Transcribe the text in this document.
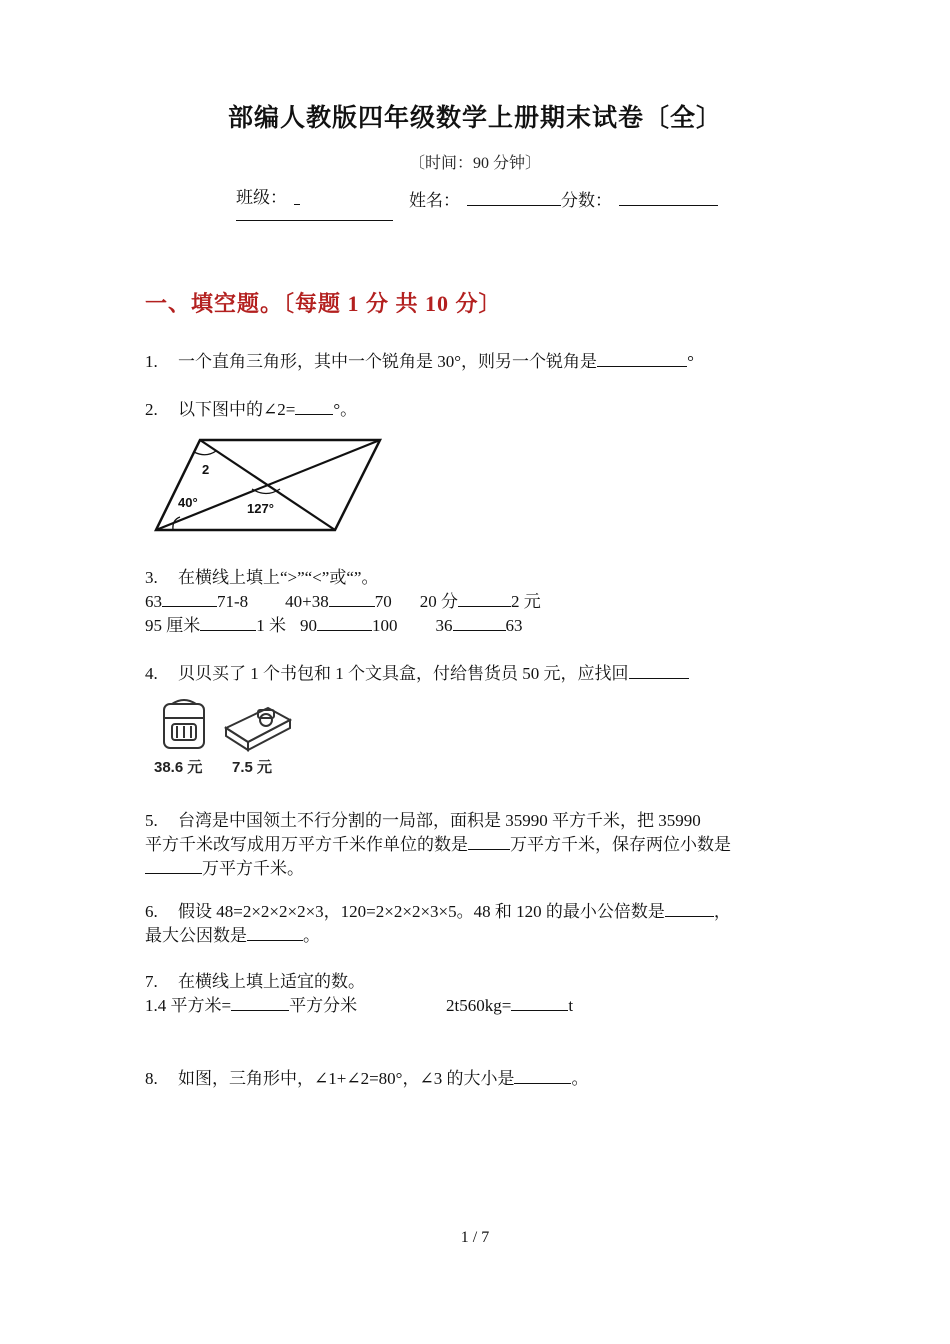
部编人教版四年级数学上册期末试卷〔全〕
〔时间：90 分钟〕
班级：	姓名：	分数：
一、填空题。〔每题 1 分 共 10 分〕
1. 一个直角三角形，其中一个锐角是 30°，则另一个锐角是	°
2. 以下图中的∠2= °。
2
40°	127°
3. 在横线上填上“>”“<”或“”。
63	71-8 40+38	70 20 分	2 元
95 厘米	1 米 90	100 36	63
4. 贝贝买了 1 个书包和 1 个文具盒，付给售货员 50 元，应找回
38.6 元 7.5 元
5. 台湾是中国领土不行分割的一局部，面积是 35990 平方千米，把 35990
平方千米改写成用万平方千米作单位的数是 万平方千米，保存两位小数是
万平方千米。
6. 假设 48=2×2×2×2×3，120=2×2×2×3×5。48 和 120 的最小公倍数是	，
最大公因数是	。
7. 在横线上填上适宜的数。
1.4 平方米=	平方分米	2t560kg=	t
8. 如图，三角形中，∠1+∠2=80°，∠3 的大小是	。
1 / 7
